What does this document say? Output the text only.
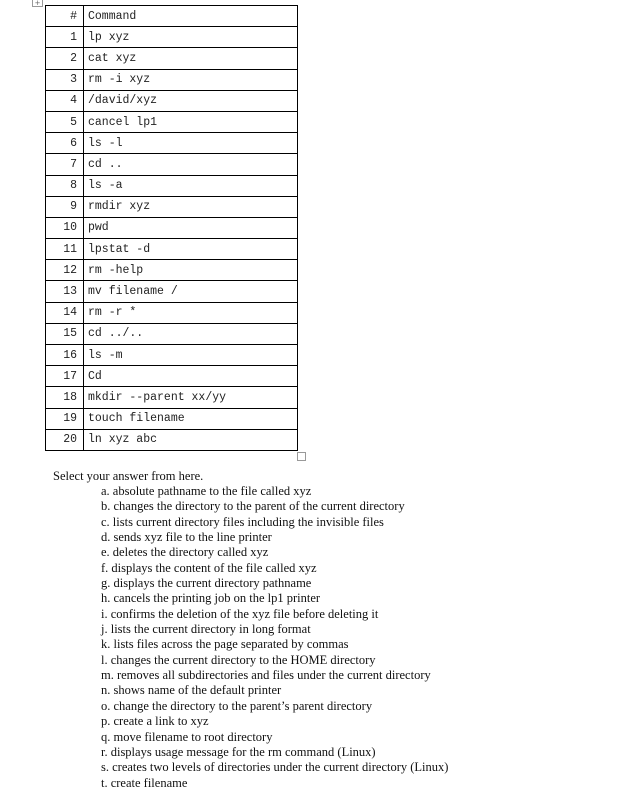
+
#	Command
1	lp xyz
2	cat xyz
3	rm -i xyz
4	/david/xyz
5	cancel lp1
6	ls -l
7	cd ..
8	ls -a
9	rmdir xyz
10	pwd
11	lpstat -d
12	rm -help
13	mv filename /
14	rm -r *
15	cd ../..
16	ls -m
17	Cd
18	mkdir --parent xx/yy
19	touch filename
20	ln xyz abc
Select your answer from here.
a. absolute pathname to the file called xyz
b. changes the directory to the parent of the current directory
c. lists current directory files including the invisible files
d. sends xyz file to the line printer
e. deletes the directory called xyz
f. displays the content of the file called xyz
g. displays the current directory pathname
h. cancels the printing job on the lp1 printer
i. confirms the deletion of the xyz file before deleting it
j. lists the current directory in long format
k. lists files across the page separated by commas
l. changes the current directory to the HOME directory
m. removes all subdirectories and files under the current directory
n. shows name of the default printer
o. change the directory to the parent’s parent directory
p. create a link to xyz
q. move filename to root directory
r. displays usage message for the rm command (Linux)
s. creates two levels of directories under the current directory (Linux)
t. create filename
